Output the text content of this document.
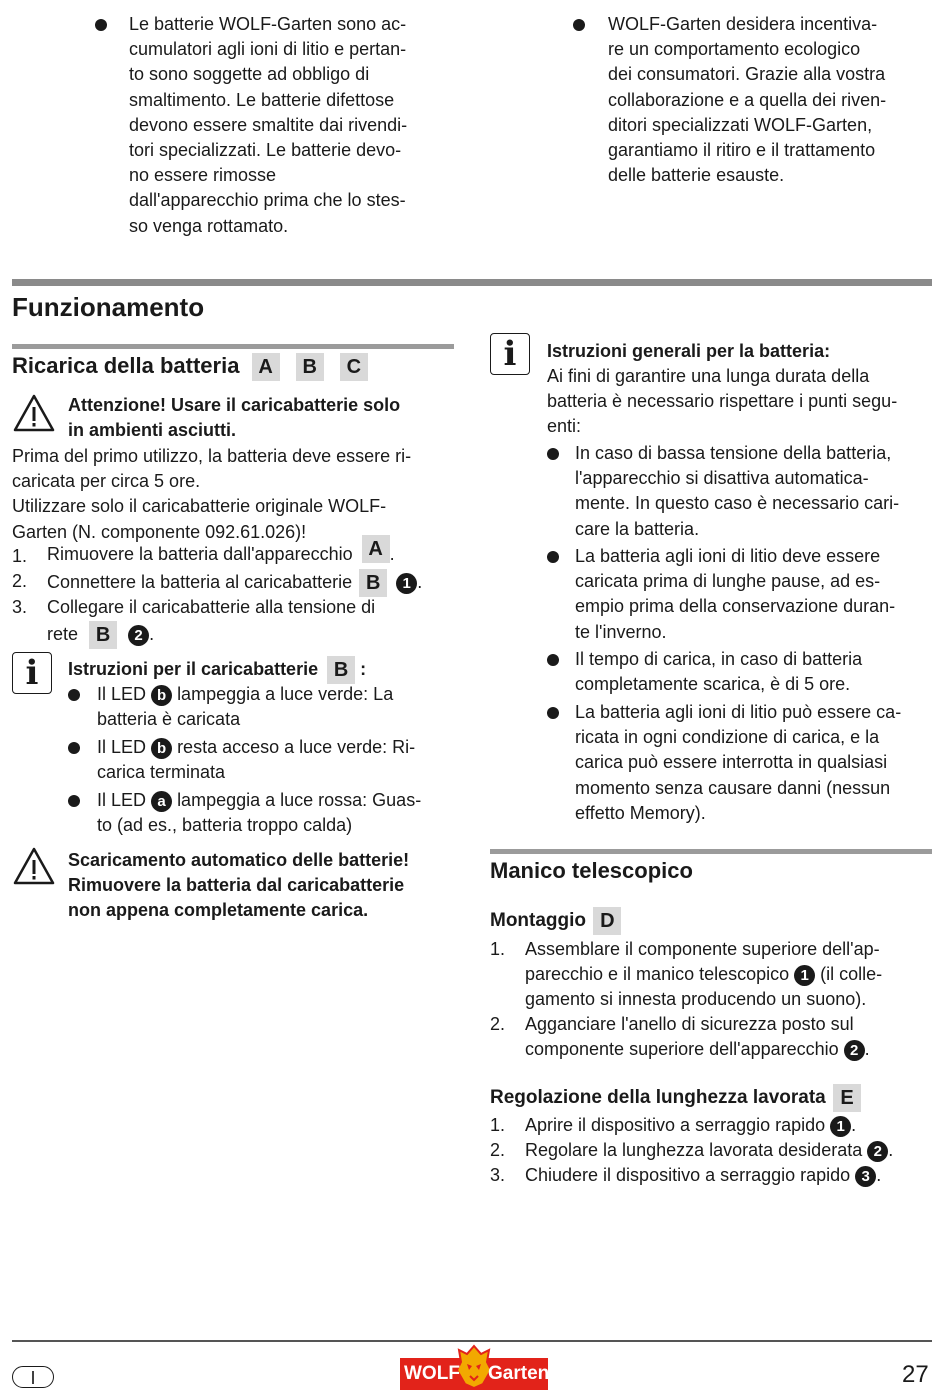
Le batterie WOLF-Garten sono ac-
cumulatori agli ioni di litio e pertan-
to sono soggette ad obbligo di
smaltimento. Le batterie difettose
devono essere smaltite dai rivendi-
tori specializzati. Le batterie devo-
no essere rimosse
dall'apparecchio prima che lo stes-
so venga rottamato.
WOLF-Garten desidera incentiva-
re un comportamento ecologico
dei consumatori. Grazie alla vostra
collaborazione e a quella dei riven-
ditori specializzati WOLF-Garten,
garantiamo il ritiro e il trattamento
delle batterie esauste.
Funzionamento
Ricarica della batteria A B C
Attenzione! Usare il caricabatterie solo
in ambienti asciutti.
Prima del primo utilizzo, la batteria deve essere ri-
caricata per circa 5 ore.
Utilizzare solo il caricabatterie originale WOLF-
Garten (N. componente 092.61.026)!
1. Rimuovere la batteria dall'apparecchio A .
2. Connettere la batteria al caricabatterie B 1 .
3. Collegare il caricabatterie alla tensione di
rete B 2 .
i	Istruzioni per il caricabatterie B :
Il LED b lampeggia a luce verde: La
batteria è caricata
Il LED b resta acceso a luce verde: Ri-
carica terminata
Il LED a lampeggia a luce rossa: Guas-
to (ad es., batteria troppo calda)
Scaricamento automatico delle batterie!
Rimuovere la batteria dal caricabatterie
non appena completamente carica.
i	Istruzioni generali per la batteria:
Ai fini di garantire una lunga durata della
batteria è necessario rispettare i punti segu-
enti:
In caso di bassa tensione della batteria,
l'apparecchio si disattiva automatica-
mente. In questo caso è necessario cari-
care la batteria.
La batteria agli ioni di litio deve essere
caricata prima di lunghe pause, ad es-
empio prima della conservazione duran-
te l'inverno.
Il tempo di carica, in caso di batteria
completamente scarica, è di 5 ore.
La batteria agli ioni di litio può essere ca-
ricata in ogni condizione di carica, e la
carica può essere interrotta in qualsiasi
momento senza causare danni (nessun
effetto Memory).
Manico telescopico
Montaggio D
1. Assemblare il componente superiore dell'ap-
parecchio e il manico telescopico 1 (il colle-
gamento si innesta producendo un suono).
2. Agganciare l'anello di sicurezza posto sul
componente superiore dell'apparecchio 2 .
Regolazione della lunghezza lavorata E
1. Aprire il dispositivo a serraggio rapido 1 .
2. Regolare la lunghezza lavorata desiderata 2 .
3. Chiudere il dispositivo a serraggio rapido 3 .
I	WOLF Garten	27
